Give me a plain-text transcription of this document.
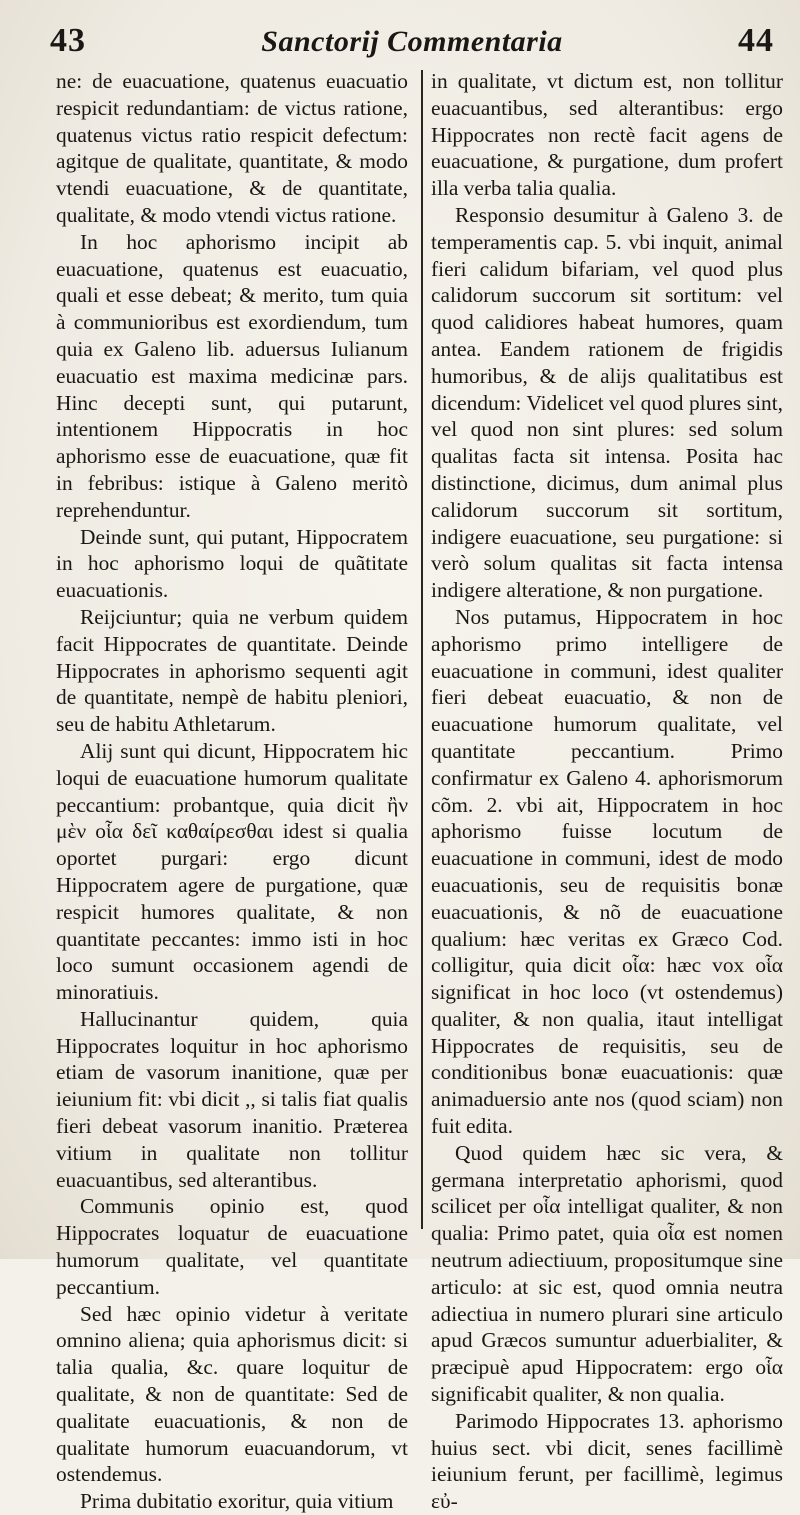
43	Sanctorij Commentaria	44

ne: de euacuatione, quatenus euacuatio respicit redundantiam: de victus ratione, quatenus victus ratio respicit defectum: agitque de qualitate, quantitate, & modo vtendi euacuatione, & de quantitate, qualitate, & modo vtendi victus ratione.

In hoc aphorismo incipit ab euacuatione, quatenus est euacuatio, quali et esse debeat; & merito, tum quia à communioribus est exordiendum, tum quia ex Galeno lib. aduersus Iulianum euacuatio est maxima medicinæ pars. Hinc decepti sunt, qui putarunt, intentionem Hippocratis in hoc aphorismo esse de euacuatione, quæ fit in febribus: istique à Galeno meritò reprehenduntur.

Deinde sunt, qui putant, Hippocratem in hoc aphorismo loqui de quãtitate euacuationis.

Reijciuntur; quia ne verbum quidem facit Hippocrates de quantitate. Deinde Hippocrates in aphorismo sequenti agit de quantitate, nempè de habitu pleniori, seu de habitu Athletarum.

Alij sunt qui dicunt, Hippocratem hic loqui de euacuatione humorum qualitate peccantium: probantque, quia dicit ἢν μὲν οἷα δεῖ καθαίρεσθαι idest si qualia oportet purgari: ergo dicunt Hippocratem agere de purgatione, quæ respicit humores qualitate, & non quantitate peccantes: immo isti in hoc loco sumunt occasionem agendi de minoratiuis.

Hallucinantur quidem, quia Hippocrates loquitur in hoc aphorismo etiam de vasorum inanitione, quæ per ieiunium fit: vbi dicit ,, si talis fiat qualis fieri debeat vasorum inanitio. Præterea vitium in qualitate non tollitur euacuantibus, sed alterantibus.

Communis opinio est, quod Hippocrates loquatur de euacuatione humorum qualitate, vel quantitate peccantium.

Sed hæc opinio videtur à veritate omnino aliena; quia aphorismus dicit: si talia qualia, &c. quare loquitur de qualitate, & non de quantitate: Sed de qualitate euacuationis, & non de qualitate humorum euacuandorum, vt ostendemus.

Prima dubitatio exoritur, quia vitium

in qualitate, vt dictum est, non tollitur euacuantibus, sed alterantibus: ergo Hippocrates non rectè facit agens de euacuatione, & purgatione, dum profert illa verba talia qualia.

Responsio desumitur à Galeno 3. de temperamentis cap. 5. vbi inquit, animal fieri calidum bifariam, vel quod plus calidorum succorum sit sortitum: vel quod calidiores habeat humores, quam antea. Eandem rationem de frigidis humoribus, & de alijs qualitatibus est dicendum: Videlicet vel quod plures sint, vel quod non sint plures: sed solum qualitas facta sit intensa. Posita hac distinctione, dicimus, dum animal plus calidorum succorum sit sortitum, indigere euacuatione, seu purgatione: si verò solum qualitas sit facta intensa indigere alteratione, & non purgatione.

Nos putamus, Hippocratem in hoc aphorismo primo intelligere de euacuatione in communi, idest qualiter fieri debeat euacuatio, & non de euacuatione humorum qualitate, vel quantitate peccantium. Primo confirmatur ex Galeno 4. aphorismorum cõm. 2. vbi ait, Hippocratem in hoc aphorismo fuisse locutum de euacuatione in communi, idest de modo euacuationis, seu de requisitis bonæ euacuationis, & nõ de euacuatione qualium: hæc veritas ex Græco Cod. colligitur, quia dicit οἷα: hæc vox οἷα significat in hoc loco (vt ostendemus) qualiter, & non qualia, itaut intelligat Hippocrates de requisitis, seu de conditionibus bonæ euacuationis: quæ animaduersio ante nos (quod sciam) non fuit edita.

Quod quidem hæc sic vera, & germana interpretatio aphorismi, quod scilicet per οἷα intelligat qualiter, & non qualia: Primo patet, quia οἷα est nomen neutrum adiectiuum, propositumque sine articulo: at sic est, quod omnia neutra adiectiua in numero plurari sine articulo apud Græcos sumuntur aduerbialiter, & præcipuè apud Hippocratem: ergo οἷα significabit qualiter, & non qualia.

Parimodo Hippocrates 13. aphorismo huius sect. vbi dicit, senes facillimè ieiunium ferunt, per facillimè, legimus εὐ-
